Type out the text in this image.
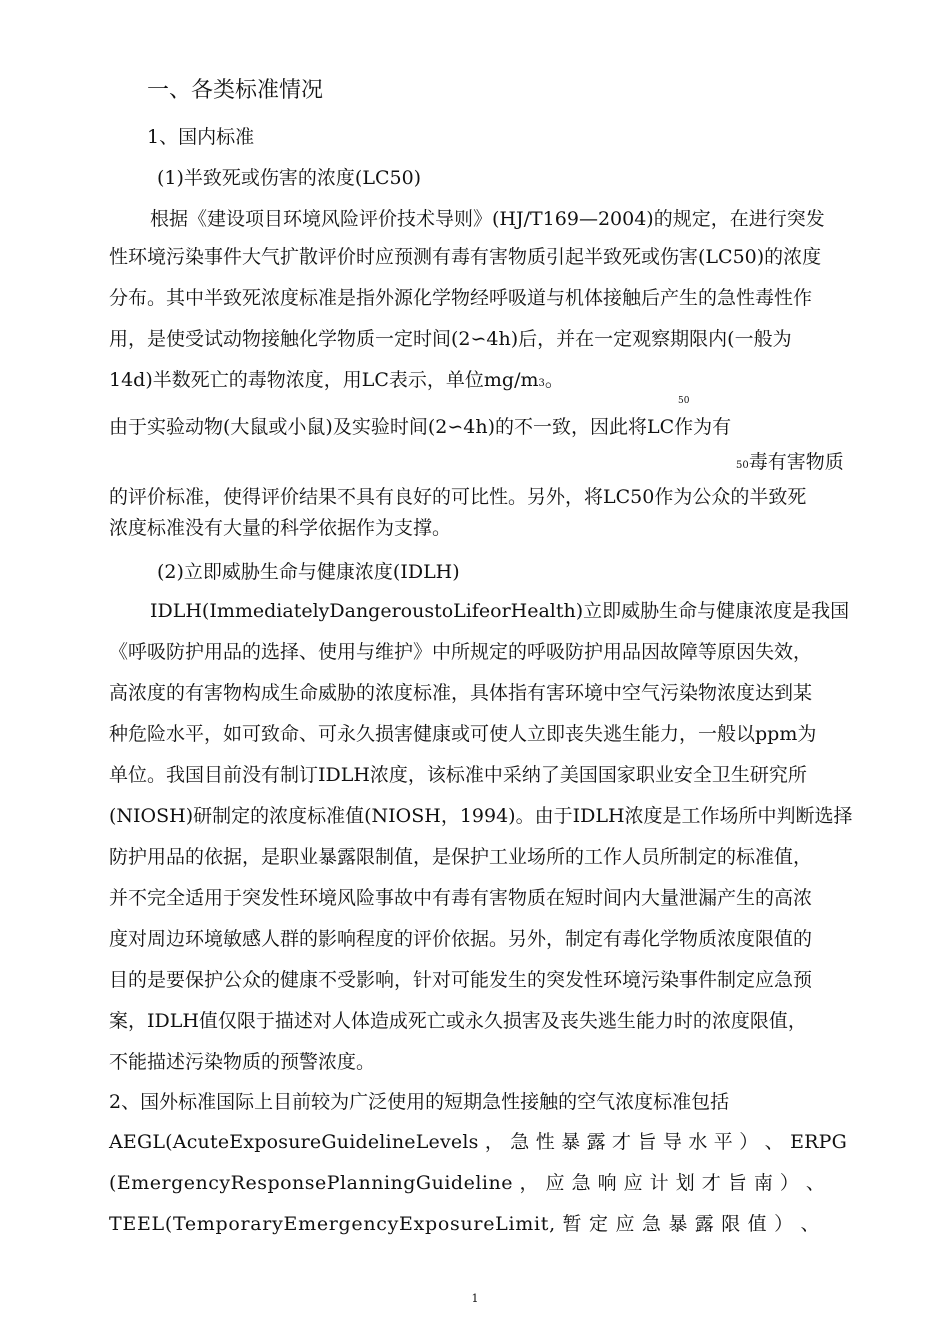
一、各类标准情况
1、国内标准
(1)半致死或伤害的浓度(LC50)
根据《建设项目环境风险评价技术导则》(HJ/T169—2004)的规定，在进行突发
性环境污染事件大气扩散评价时应预测有毒有害物质引起半致死或伤害(LC50)的浓度
分布。其中半致死浓度标准是指外源化学物经呼吸道与机体接触后产生的急性毒性作
用，是使受试动物接触化学物质一定时间(2∽4h)后，并在一定观察期限内(一般为
14d)半数死亡的毒物浓度，用LC表示，单位mg/m3。
50
由于实验动物(大鼠或小鼠)及实验时间(2∽4h)的不一致，因此将LC作为有
50毒有害物质
的评价标准，使得评价结果不具有良好的可比性。另外，将LC50作为公众的半致死
浓度标准没有大量的科学依据作为支撑。
(2)立即威胁生命与健康浓度(IDLH)
IDLH(ImmediatelyDangeroustoLifeorHealth)立即威胁生命与健康浓度是我国
《呼吸防护用品的选择、使用与维护》中所规定的呼吸防护用品因故障等原因失效，
高浓度的有害物构成生命威胁的浓度标准，具体指有害环境中空气污染物浓度达到某
种危险水平，如可致命、可永久损害健康或可使人立即丧失逃生能力，一般以ppm为
单位。我国目前没有制订IDLH浓度，该标准中采纳了美国国家职业安全卫生研究所
(NIOSH)研制定的浓度标准值(NIOSH，1994)。由于IDLH浓度是工作场所中判断选择
防护用品的依据，是职业暴露限制值，是保护工业场所的工作人员所制定的标准值，
并不完全适用于突发性环境风险事故中有毒有害物质在短时间内大量泄漏产生的高浓
度对周边环境敏感人群的影响程度的评价依据。另外，制定有毒化学物质浓度限值的
目的是要保护公众的健康不受影响，针对可能发生的突发性环境污染事件制定应急预
案，IDLH值仅限于描述对人体造成死亡或永久损害及丧失逃生能力时的浓度限值，
不能描述污染物质的预警浓度。
2、国外标准国际上目前较为广泛使用的短期急性接触的空气浓度标准包括
AEGL(AcuteExposureGuidelineLevels ， 急 性 暴 露 才 旨 导 水 平 ） 、 ERPG
(EmergencyResponsePlanningGuideline ， 应 急 响 应 计 划 才 旨 南 ） 、
TEEL(TemporaryEmergencyExposureLimit, 暂 定 应 急 暴 露 限 值 ） 、
1
